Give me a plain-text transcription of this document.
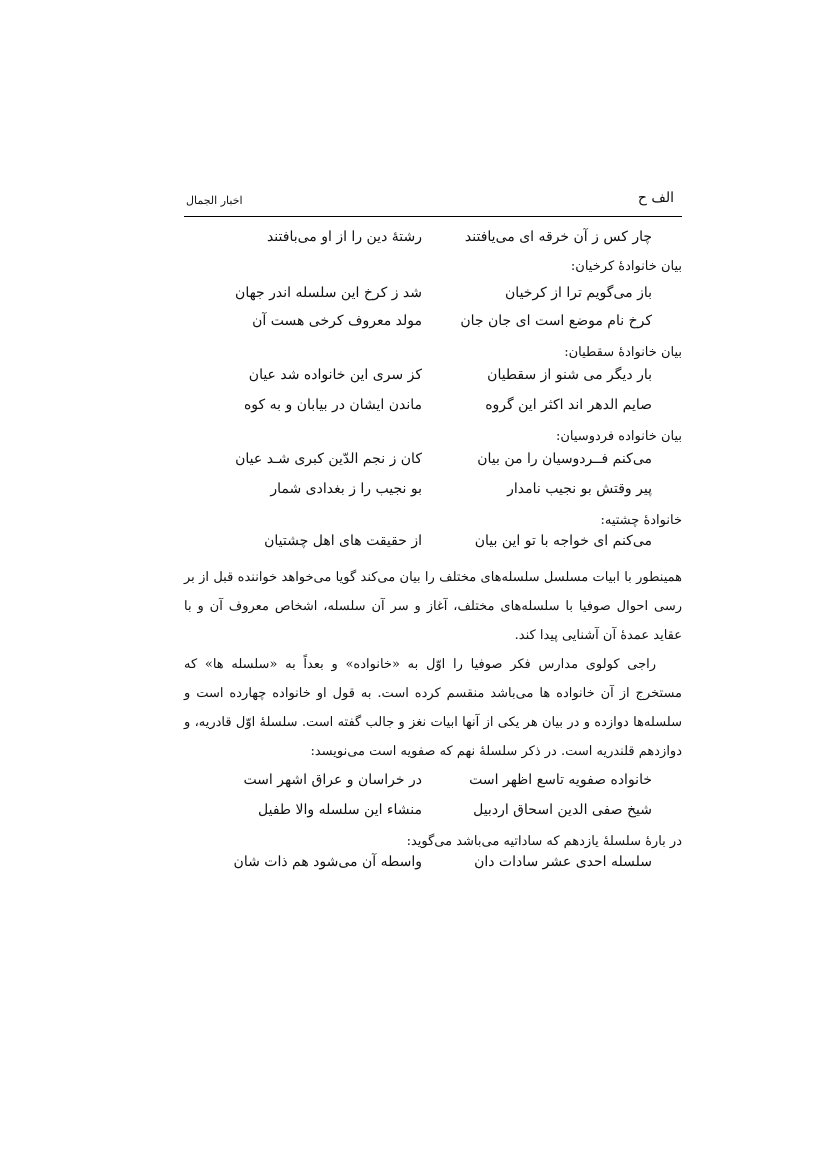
الف ح
اخبار الجمال
چار کس ز آن خرقه ای می‌یافتند
رشتۀ دین را از او می‌بافتند
بیان خانوادۀ کرخیان:
باز می‌گویم ترا از کرخیان
شد ز کرخ این سلسله اندر جهان
کرخ نام موضع است ای جان جان
مولد معروف کرخی هست آن
بیان خانوادۀ سقطیان:
بار دیگر می شنو از سقطیان
کز سری این خانواده شد عیان
صایم الدهر اند اکثر این گروه
ماندن ایشان در بیابان و به کوه
بیان خانواده فردوسیان:
می‌کنم فــردوسیان را من بیان
کان ز نجم الدّین کبری شـد عیان
پیر وقتش بو نجیب نامدار
بو نجیب را ز بغدادی شمار
خانوادۀ چشتیه:
می‌کنم ای خواجه با تو این بیان
از حقیقت های اهل چشتیان

همینطور با ابیات مسلسل سلسله‌های مختلف را بیان می‌کند گویا می‌خواهد خواننده قبل از بر رسی احوال صوفیا با سلسله‌های مختلف، آغاز و سر آن سلسله، اشخاص معروف آن و با عقاید عمدۀ آن آشنایی پیدا کند.

راجی کولوی مدارس فکر صوفیا را اوّل به «خانواده» و بعداً به «سلسله ها» که مستخرج از آن خانواده ها می‌باشد منقسم کرده است. به قول او خانواده چهارده است و سلسله‌ها دوازده و در بیان هر یکی از آنها ابیات نغز و جالب گفته است. سلسلۀ اوّل قادریه، و دوازدهم قلندریه است. در ذکر سلسلۀ نهم که صفویه است می‌نویسد:

خانواده صفویه تاسع اظهر است
در خراسان و عراق اشهر است
شیخ صفی الدین اسحاق اردبیل
منشاء این سلسله والا طفیل
در بارۀ سلسلۀ یازدهم که ساداتیه می‌باشد می‌گوید:
سلسله احدی عشر سادات دان
واسطه آن می‌شود هم ذات شان
